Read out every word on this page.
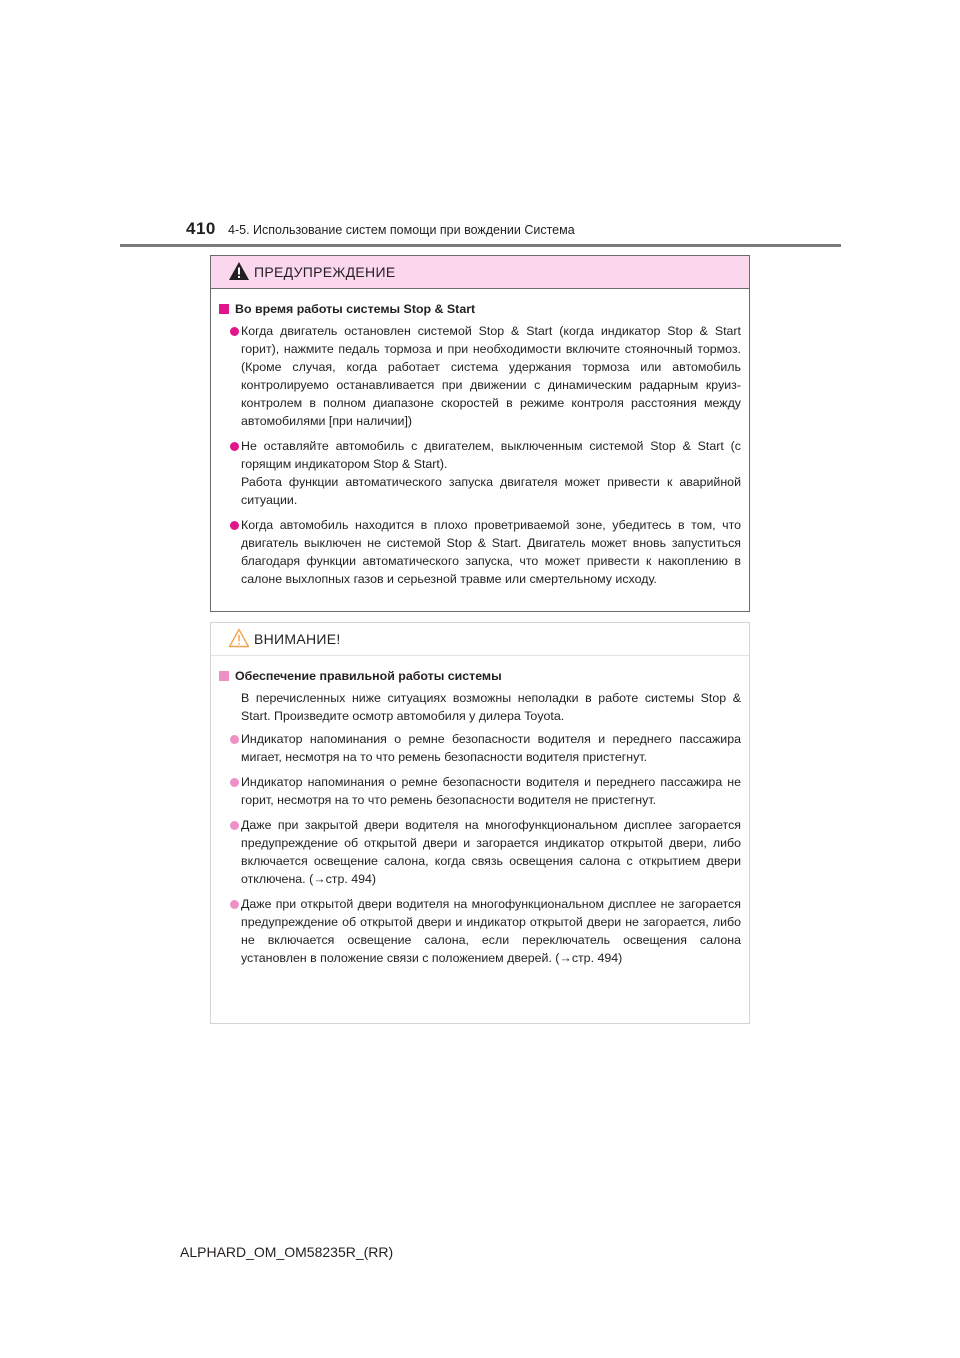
410 4-5. Использование систем помощи при вождении Система
ПРЕДУПРЕЖДЕНИЕ
Во время работы системы Stop & Start
Когда двигатель остановлен системой Stop & Start (когда индикатор Stop & Start горит), нажмите педаль тормоза и при необходимости включите стояночный тормоз. (Кроме случая, когда работает система удержания тормоза или автомобиль контролируемо останавливается при движении с динамическим радарным круиз-контролем в полном диапазоне скоростей в режиме контроля расстояния между автомобилями [при наличии])
Не оставляйте автомобиль с двигателем, выключенным системой Stop & Start (с горящим индикатором Stop & Start).
Работа функции автоматического запуска двигателя может привести к аварийной ситуации.
Когда автомобиль находится в плохо проветриваемой зоне, убедитесь в том, что двигатель выключен не системой Stop & Start. Двигатель может вновь запуститься благодаря функции автоматического запуска, что может привести к накоплению в салоне выхлопных газов и серьезной травме или смертельному исходу.
ВНИМАНИЕ!
Обеспечение правильной работы системы
В перечисленных ниже ситуациях возможны неполадки в работе системы Stop & Start. Произведите осмотр автомобиля у дилера Toyota.
Индикатор напоминания о ремне безопасности водителя и переднего пассажира мигает, несмотря на то что ремень безопасности водителя пристегнут.
Индикатор напоминания о ремне безопасности водителя и переднего пассажира не горит, несмотря на то что ремень безопасности водителя не пристегнут.
Даже при закрытой двери водителя на многофункциональном дисплее загорается предупреждение об открытой двери и загорается индикатор открытой двери, либо включается освещение салона, когда связь освещения салона с открытием двери отключена. (→стр. 494)
Даже при открытой двери водителя на многофункциональном дисплее не загорается предупреждение об открытой двери и индикатор открытой двери не загорается, либо не включается освещение салона, если переключатель освещения салона установлен в положение связи с положением дверей. (→стр. 494)
ALPHARD_OM_OM58235R_(RR)
